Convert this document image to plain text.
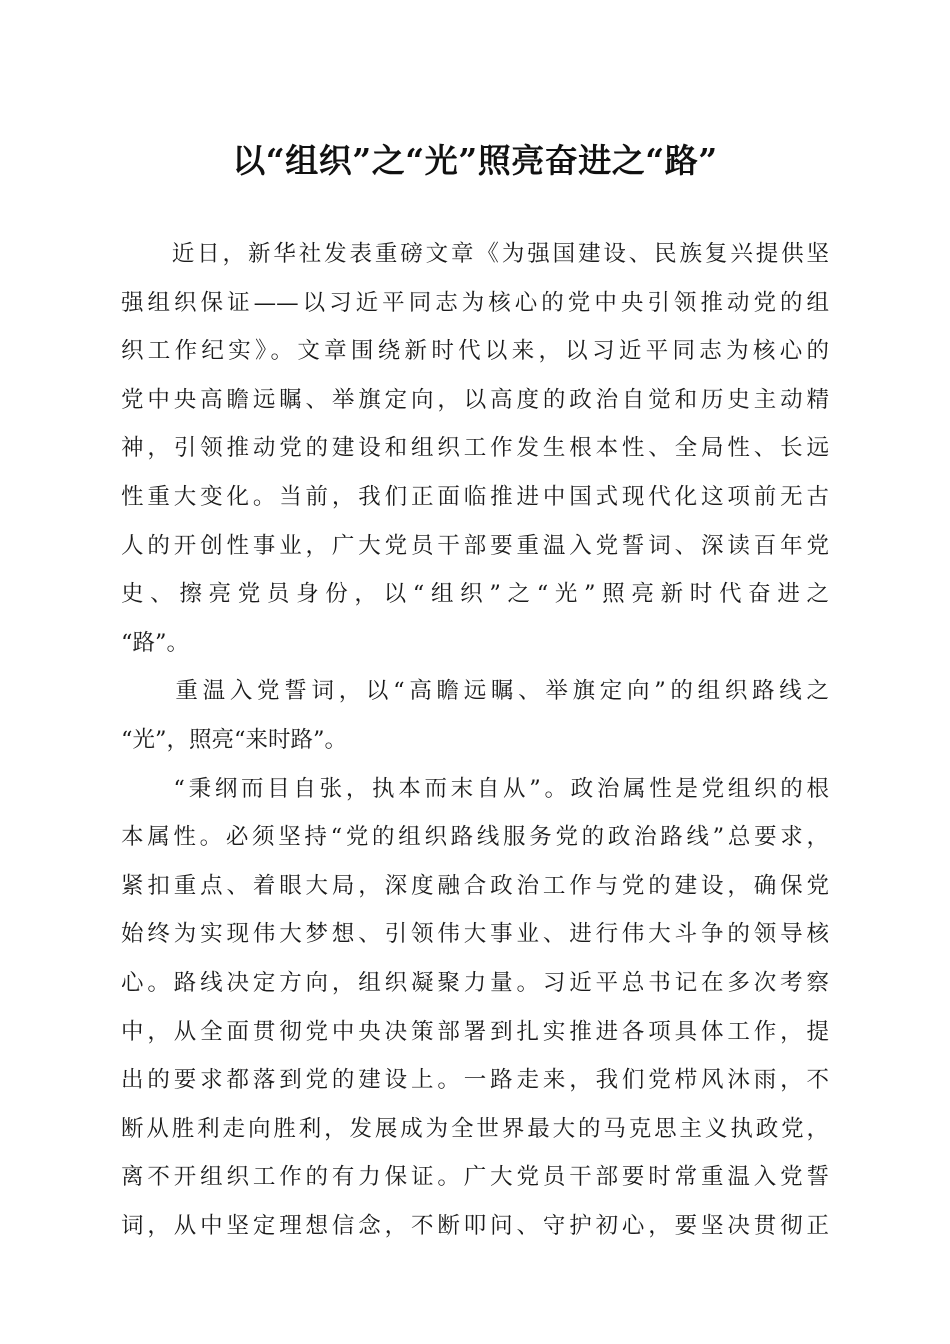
以“组织”之“光”照亮奋进之“路”
　　近日，新华社发表重磅文章《为强国建设、民族复兴提供坚
强组织保证——以习近平同志为核心的党中央引领推动党的组
织工作纪实》。文章围绕新时代以来，以习近平同志为核心的
党中央高瞻远瞩、举旗定向，以高度的政治自觉和历史主动精
神，引领推动党的建设和组织工作发生根本性、全局性、长远
性重大变化。当前，我们正面临推进中国式现代化这项前无古
人的开创性事业，广大党员干部要重温入党誓词、深读百年党
史、擦亮党员身份，以“组织”之“光”照亮新时代奋进之
“路”。
　　重温入党誓词，以“高瞻远瞩、举旗定向”的组织路线之
“光”，照亮“来时路”。
　　“秉纲而目自张，执本而末自从”。政治属性是党组织的根
本属性。必须坚持“党的组织路线服务党的政治路线”总要求，
紧扣重点、着眼大局，深度融合政治工作与党的建设，确保党
始终为实现伟大梦想、引领伟大事业、进行伟大斗争的领导核
心。路线决定方向，组织凝聚力量。习近平总书记在多次考察
中，从全面贯彻党中央决策部署到扎实推进各项具体工作，提
出的要求都落到党的建设上。一路走来，我们党栉风沐雨，不
断从胜利走向胜利，发展成为全世界最大的马克思主义执政党，
离不开组织工作的有力保证。广大党员干部要时常重温入党誓
词，从中坚定理想信念，不断叩问、守护初心，要坚决贯彻正
